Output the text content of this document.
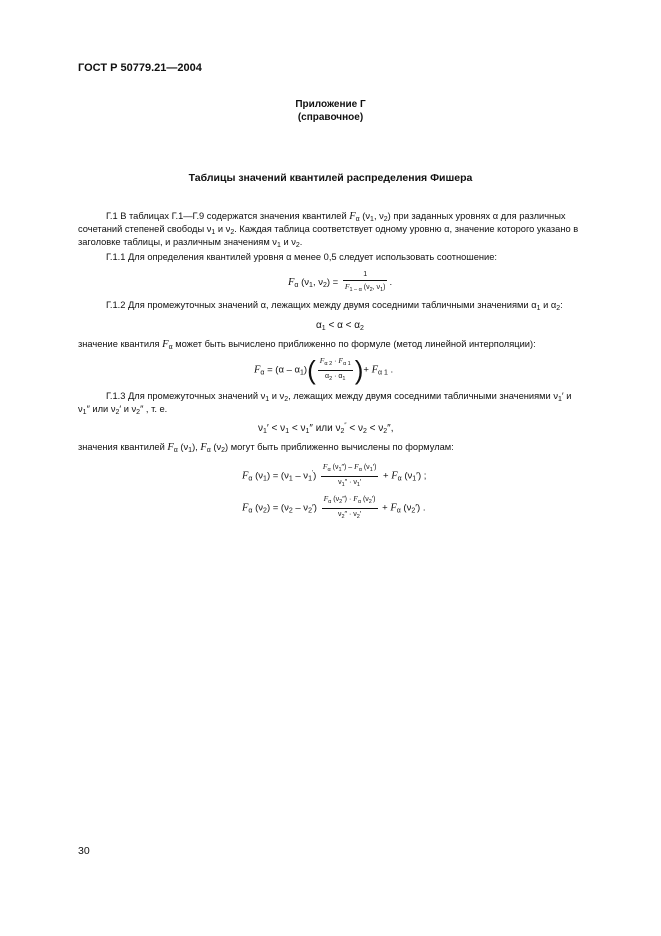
ГОСТ Р 50779.21—2004
Приложение Г
(справочное)
Таблицы значений квантилей распределения Фишера
Г.1 В таблицах Г.1—Г.9 содержатся значения квантилей $F_\alpha$ ($\nu_1$, $\nu_2$) при заданных уровнях α для различных
сочетаний степеней свободы $\nu_1$ и $\nu_2$. Каждая таблица соответствует одному уровню α, значение которого указано в
заголовке таблицы, и различным значениям $\nu_1$ и $\nu_2$.
Г.1.1 Для определения квантилей уровня α менее 0,5 следует использовать соотношение:
$F_\alpha$ ($\nu_1$, $\nu_2) = \frac{1}{F_{1 - \alpha} (\nu_2, \nu_1)}$ .
Г.1.2 Для промежуточных значений α, лежащих между двумя соседними табличными значениями $\alpha_1$ и $\alpha_2$:
$\alpha_1 < \alpha < \alpha_2$
значение квантиля $F_\alpha$ может быть вычислено приближенно по формуле (метод линейной интерполяции):
$F_\alpha = (\alpha - \alpha_1)( \frac{F_{\alpha 2} \cdot F_{\alpha 1}}{\alpha_2 \cdot \alpha_1}$ )+ $F_{\alpha 1}$ .
Г.1.3 Для промежуточных значений $\nu_1$ и $\nu_2$, лежащих между двумя соседними табличными значениями $\nu_1'$ и
$\nu_1''$ или $\nu_2'$ и $\nu_2''$ , т. е.
$\nu_1' < \nu_1 < \nu_1''$ или $\nu_2'' < \nu_2 < \nu_2''$,
значения квантилей $F_\alpha$ $(\nu_1)$, $F_\alpha$ $(\nu_2)$ могут быть приближенно вычислены по формулам:
$F_\alpha$ $(\nu_1) = (\nu_1 - \nu_1') \frac{F_\alpha (\nu_1'') - F_\alpha (\nu_1')}{\nu_1'' \cdot \nu_1'} + F_\alpha$ $(\nu_1')$ ;
$F_\alpha$ $(\nu_2) = (\nu_2 - \nu_2') \frac{F_\alpha (\nu_2'') \cdot F_\alpha (\nu_2')}{\nu_2'' \cdot \nu_2'} + F_\alpha$ $(\nu_2')$ .
30
